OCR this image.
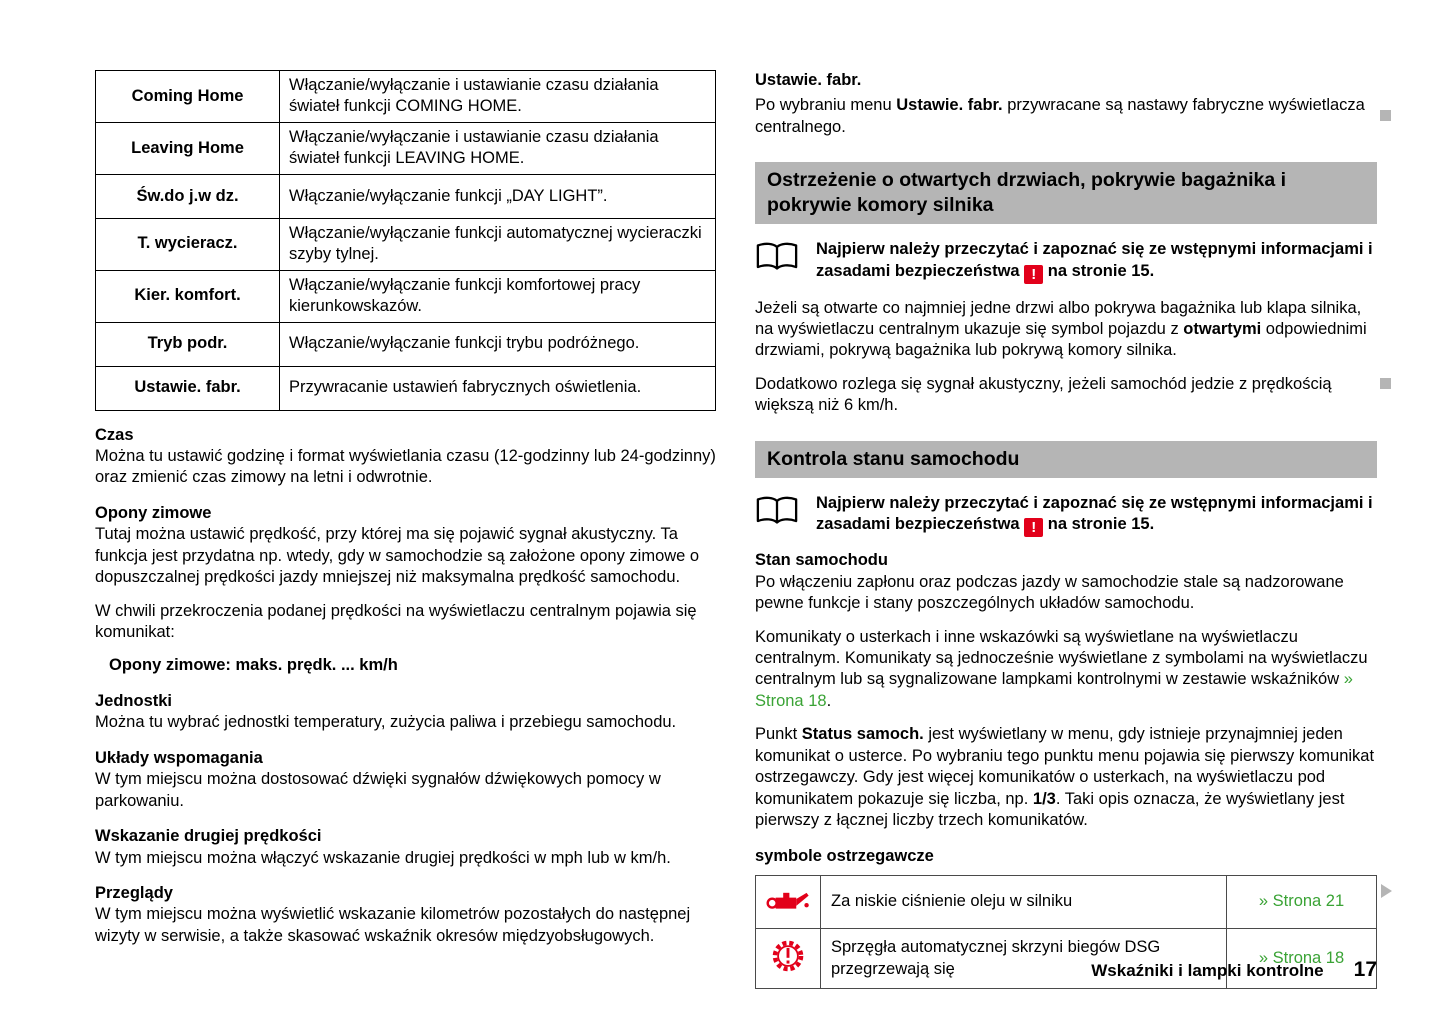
Coming Home	Włączanie/wyłączanie i ustawianie czasu działania świateł funkcji COMING HOME.
Leaving Home	Włączanie/wyłączanie i ustawianie czasu działania świateł funkcji LEAVING HOME.
Św.do j.w dz.	Włączanie/wyłączanie funkcji „DAY LIGHT”.
T. wycieracz.	Włączanie/wyłączanie funkcji automatycznej wycieraczki szyby tylnej.
Kier. komfort.	Włączanie/wyłączanie funkcji komfortowej pracy kierunkowskazów.
Tryb podr.	Włączanie/wyłączanie funkcji trybu podróżnego.
Ustawie. fabr.	Przywracanie ustawień fabrycznych oświetlenia.
Czas
Można tu ustawić godzinę i format wyświetlania czasu (12-godzinny lub 24-godzinny) oraz zmienić czas zimowy na letni i odwrotnie.
Opony zimowe
Tutaj można ustawić prędkość, przy której ma się pojawić sygnał akustyczny. Ta funkcja jest przydatna np. wtedy, gdy w samochodzie są założone opony zimowe o dopuszczalnej prędkości jazdy mniejszej niż maksymalna prędkość samochodu.
W chwili przekroczenia podanej prędkości na wyświetlaczu centralnym pojawia się komunikat:
Opony zimowe: maks. prędk. ... km/h
Jednostki
Można tu wybrać jednostki temperatury, zużycia paliwa i przebiegu samochodu.
Układy wspomagania
W tym miejscu można dostosować dźwięki sygnałów dźwiękowych pomocy w parkowaniu.
Wskazanie drugiej prędkości
W tym miejscu można włączyć wskazanie drugiej prędkości w mph lub w km/h.
Przeglądy
W tym miejscu można wyświetlić wskazanie kilometrów pozostałych do następnej wizyty w serwisie, a także skasować wskaźnik okresów międzyobsługowych.
Ustawie. fabr.
Po wybraniu menu Ustawie. fabr. przywracane są nastawy fabryczne wyświetlacza centralnego.
Ostrzeżenie o otwartych drzwiach, pokrywie bagażnika i pokrywie komory silnika
Najpierw należy przeczytać i zapoznać się ze wstępnymi informacjami i zasadami bezpieczeństwa ! na stronie 15.
Jeżeli są otwarte co najmniej jedne drzwi albo pokrywa bagażnika lub klapa silnika, na wyświetlaczu centralnym ukazuje się symbol pojazdu z otwartymi odpowiednimi drzwiami, pokrywą bagażnika lub pokrywą komory silnika.
Dodatkowo rozlega się sygnał akustyczny, jeżeli samochód jedzie z prędkością większą niż 6 km/h.
Kontrola stanu samochodu
Najpierw należy przeczytać i zapoznać się ze wstępnymi informacjami i zasadami bezpieczeństwa ! na stronie 15.
Stan samochodu
Po włączeniu zapłonu oraz podczas jazdy w samochodzie stale są nadzorowane pewne funkcje i stany poszczególnych układów samochodu.
Komunikaty o usterkach i inne wskazówki są wyświetlane na wyświetlaczu centralnym. Komunikaty są jednocześnie wyświetlane z symbolami na wyświetlaczu centralnym lub są sygnalizowane lampkami kontrolnymi w zestawie wskaźników » Strona 18.
Punkt Status samoch. jest wyświetlany w menu, gdy istnieje przynajmniej jeden komunikat o usterce. Po wybraniu tego punktu menu pojawia się pierwszy komunikat ostrzegawczy. Gdy jest więcej komunikatów o usterkach, na wyświetlaczu pod komunikatem pokazuje się liczba, np. 1/3. Taki opis oznacza, że wyświetlany jest pierwszy z łącznej liczby trzech komunikatów.
symbole ostrzegawcze
	Za niskie ciśnienie oleju w silniku	» Strona 21
	Sprzęgła automatycznej skrzyni biegów DSG przegrzewają się	» Strona 18
Wskaźniki i lampki kontrolne 17
